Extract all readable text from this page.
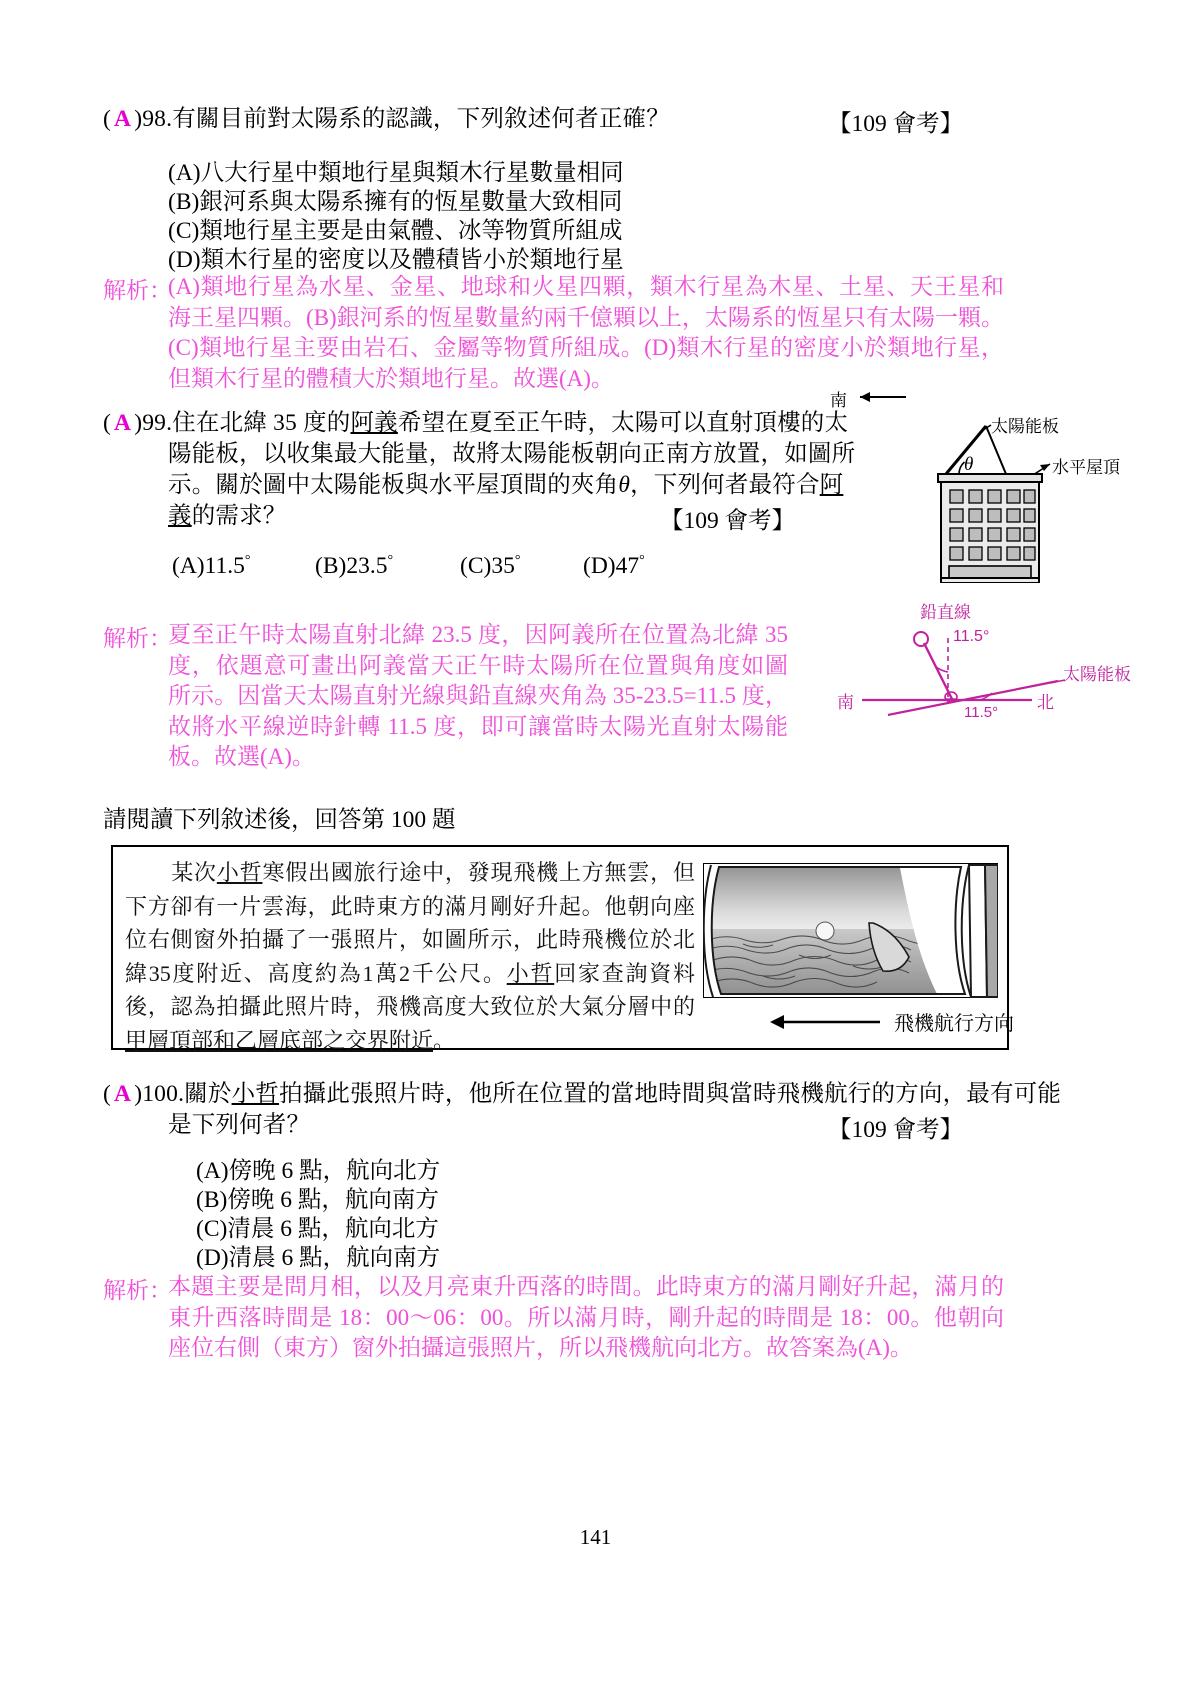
( A )98.有關目前對太陽系的認識，下列敘述何者正確？	【109 會考】
(A)八大行星中類地行星與類木行星數量相同
(B)銀河系與太陽系擁有的恆星數量大致相同
(C)類地行星主要是由氣體、冰等物質所組成
(D)類木行星的密度以及體積皆小於類地行星
解析：
(A)類地行星為水星、金星、地球和火星四顆，類木行星為木星、土星、天王星和海王星四顆。(B)銀河系的恆星數量約兩千億顆以上，太陽系的恆星只有太陽一顆。(C)類地行星主要由岩石、金屬等物質所組成。(D)類木行星的密度小於類地行星，但類木行星的體積大於類地行星。故選(A)。
( A )99.住在北緯 35 度的阿義希望在夏至正午時，太陽可以直射頂樓的太
陽能板，以收集最大能量，故將太陽能板朝向正南方放置，如圖所
示。關於圖中太陽能板與水平屋頂間的夾角θ，下列何者最符合阿
義的需求？	【109 會考】
(A)11.5°	(B)23.5°	(C)35°	(D)47°
解析：
夏至正午時太陽直射北緯 23.5 度，因阿義所在位置為北緯 35 度，依題意可畫出阿義當天正午時太陽所在位置與角度如圖所示。因當天太陽直射光線與鉛直線夾角為 35-23.5=11.5 度，故將水平線逆時針轉 11.5 度，即可讓當時太陽光直射太陽能板。故選(A)。
南
太陽能板
水平屋頂
θ
鉛直線
11.5°
11.5°
南	北
太陽能板
請閱讀下列敘述後，回答第 100 題
某次小哲寒假出國旅行途中，發現飛機上方無雲，但下方卻有一片雲海，此時東方的滿月剛好升起。他朝向座位右側窗外拍攝了一張照片，如圖所示，此時飛機位於北緯35度附近、高度約為1萬2千公尺。小哲回家查詢資料後，認為拍攝此照片時，飛機高度大致位於大氣分層中的甲層頂部和乙層底部之交界附近。
飛機航行方向
( A )100.關於小哲拍攝此張照片時，他所在位置的當地時間與當時飛機航行的方向，最有可能
是下列何者？	【109 會考】
(A)傍晚 6 點，航向北方
(B)傍晚 6 點，航向南方
(C)清晨 6 點，航向北方
(D)清晨 6 點，航向南方
解析：
本題主要是問月相，以及月亮東升西落的時間。此時東方的滿月剛好升起，滿月的東升西落時間是 18：00～06：00。所以滿月時，剛升起的時間是 18：00。他朝向座位右側（東方）窗外拍攝這張照片，所以飛機航向北方。故答案為(A)。
141
